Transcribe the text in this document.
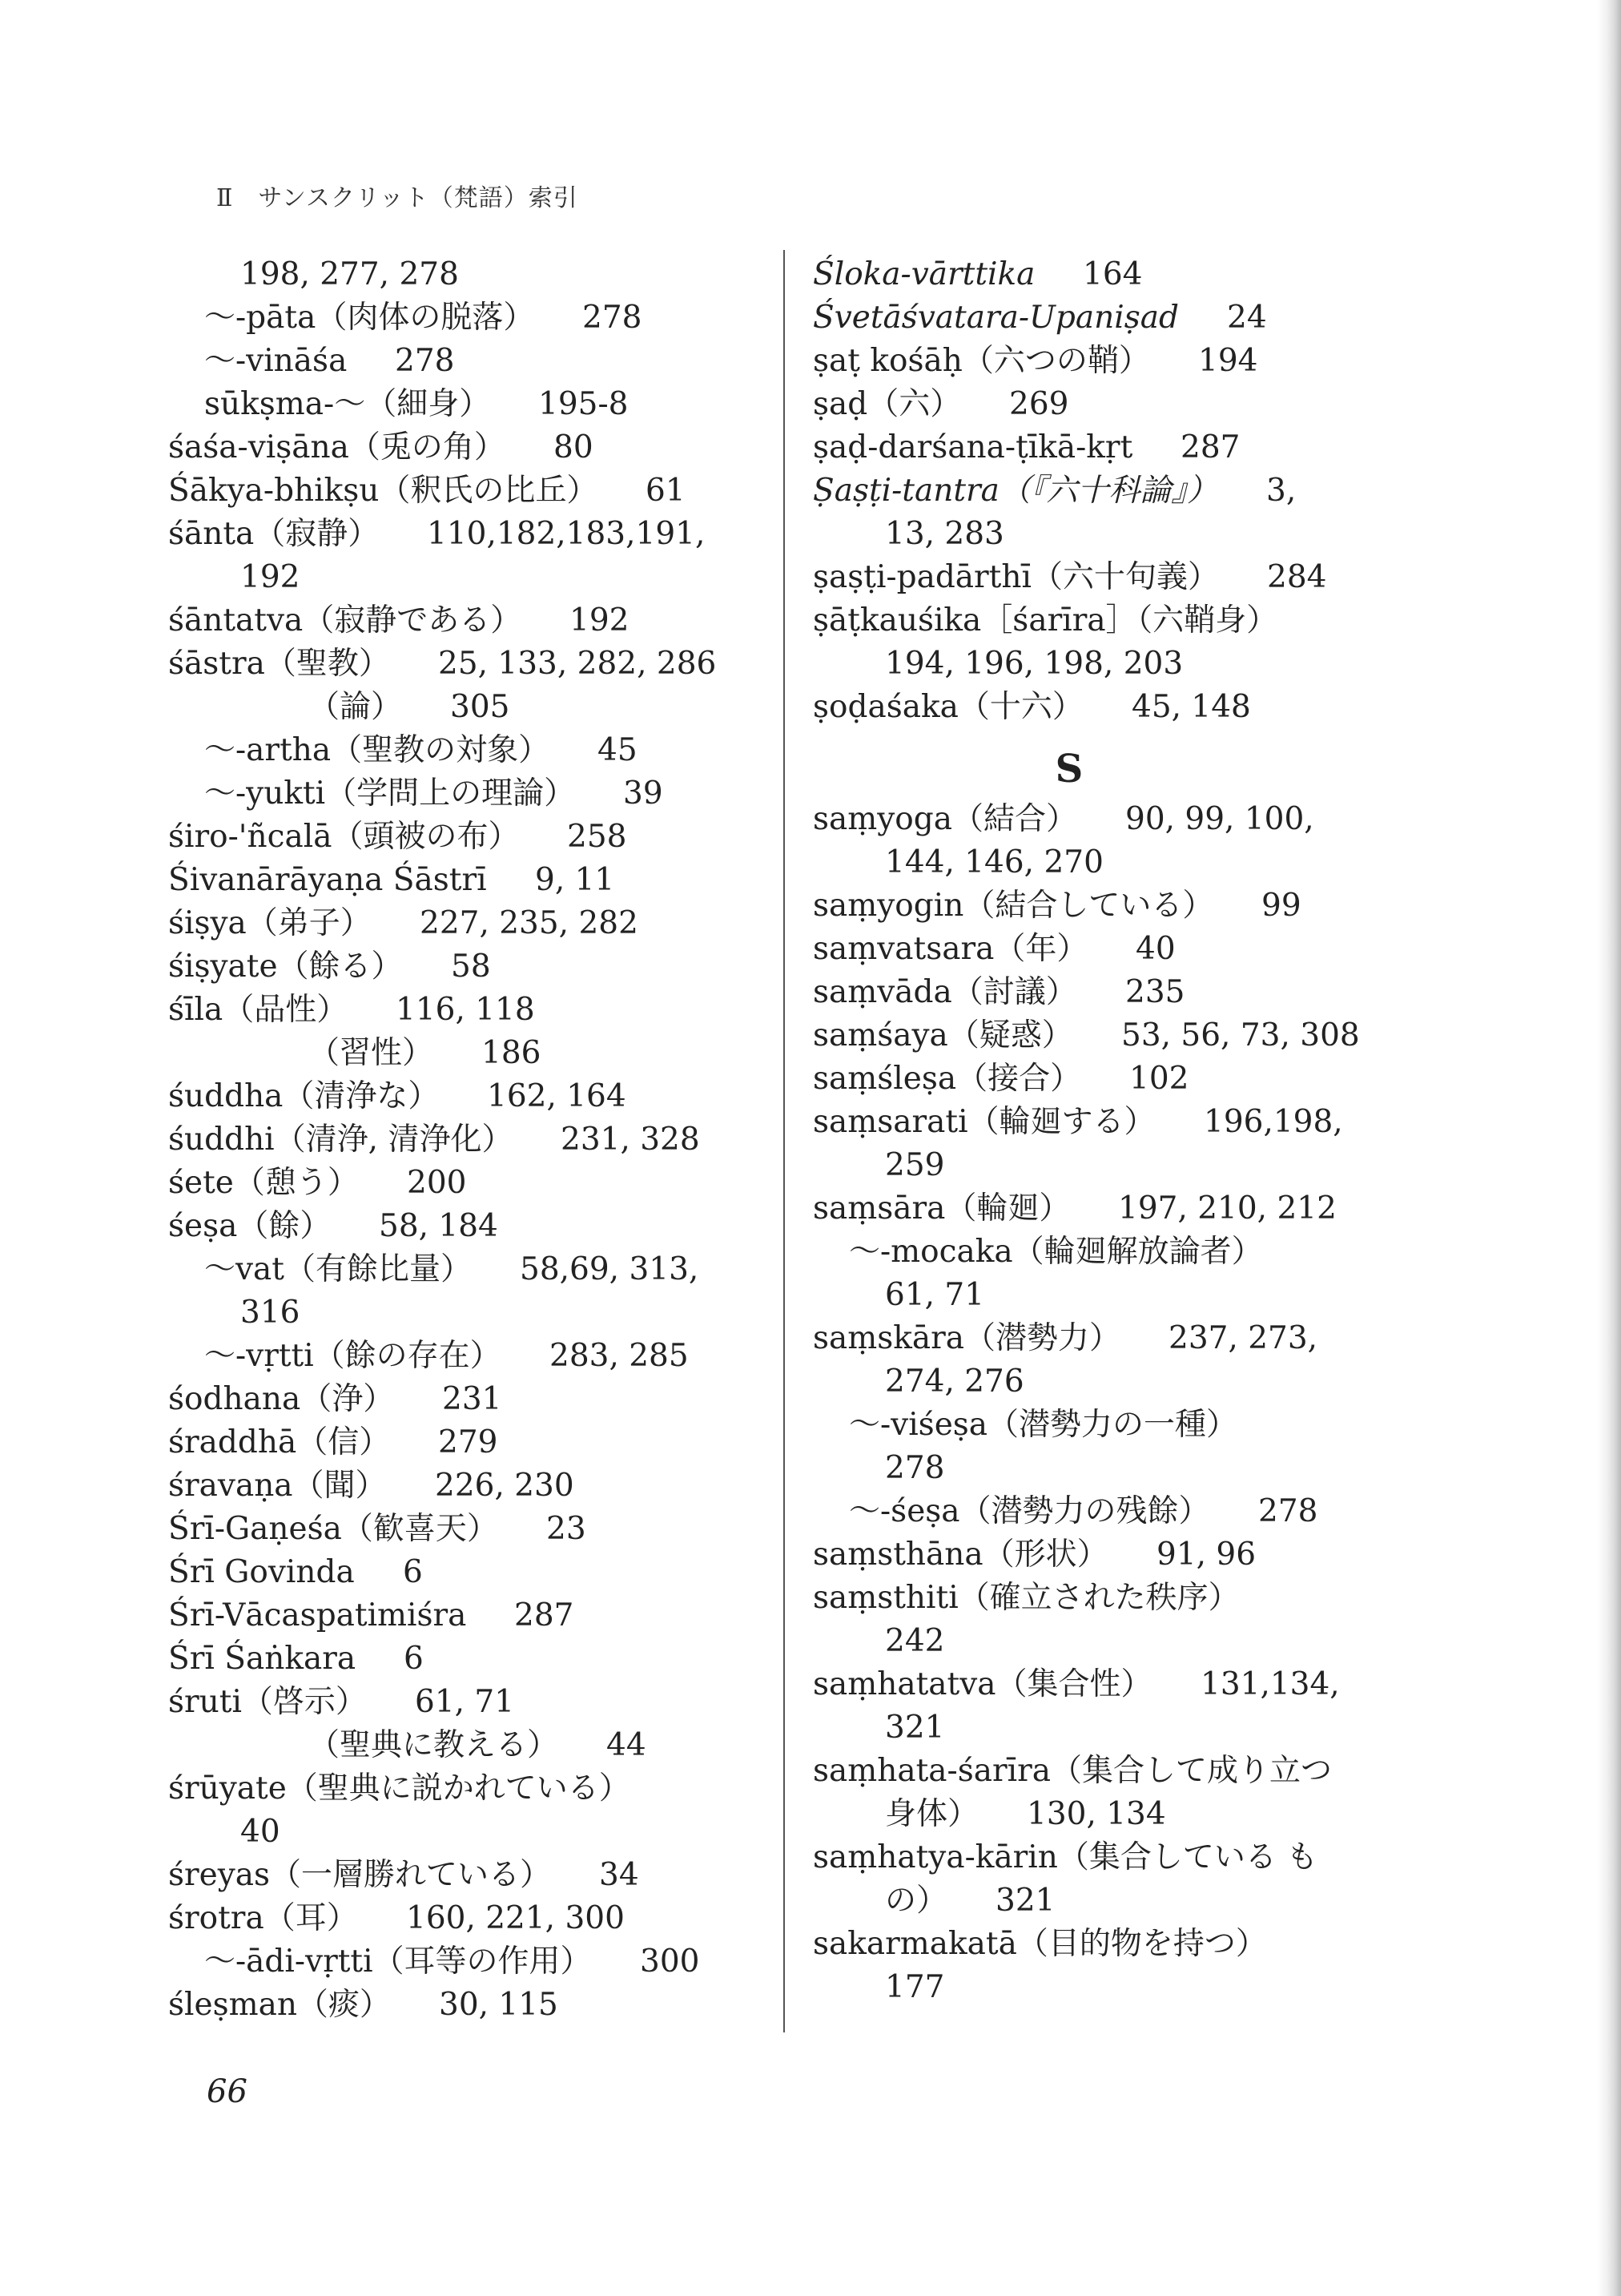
Ⅱ　サンスクリット（梵語）索引
198, 277, 278
～-pāta（肉体の脱落） 278
～-vināśa 278
sūkṣma-～（細身） 195-8
śaśa-viṣāna（兎の角） 80
Śākya-bhikṣu（釈氏の比丘） 61
śānta（寂静） 110,182,183,191,
192
śāntatva（寂静である） 192
śāstra（聖教） 25, 133, 282, 286
（論） 305
～-artha（聖教の対象） 45
～-yukti（学問上の理論） 39
śiro-'ñcalā（頭被の布） 258
Śivanārāyaṇa Śāstrī 9, 11
śiṣya（弟子） 227, 235, 282
śiṣyate（餘る） 58
śīla（品性） 116, 118
（習性） 186
śuddha（清浄な） 162, 164
śuddhi（清浄, 清浄化） 231, 328
śete（憩う） 200
śeṣa（餘） 58, 184
～vat（有餘比量） 58,69, 313,
316
～-vṛtti（餘の存在） 283, 285
śodhana（浄） 231
śraddhā（信） 279
śravaṇa（聞） 226, 230
Śrī-Gaṇeśa（歓喜天） 23
Śrī Govinda 6
Śrī-Vācaspatimiśra 287
Śrī Śaṅkara 6
śruti（啓示） 61, 71
（聖典に教える） 44
śrūyate（聖典に説かれている）
40
śreyas（一層勝れている） 34
śrotra（耳） 160, 221, 300
～-ādi-vṛtti（耳等の作用） 300
śleṣman（痰） 30, 115
Śloka-vārttika 164
Śvetāśvatara-Upaniṣad 24
ṣaṭ kośāḥ（六つの鞘） 194
ṣaḍ（六） 269
ṣaḍ-darśana-ṭīkā-kṛt 287
Ṣaṣṭi-tantra（『六十科論』） 3,
13, 283
ṣaṣṭi-padārthī（六十句義） 284
ṣāṭkauśika［śarīra］（六鞘身）
194, 196, 198, 203
ṣoḍaśaka（十六） 45, 148
S
saṃyoga（結合） 90, 99, 100,
144, 146, 270
saṃyogin（結合している） 99
saṃvatsara（年） 40
saṃvāda（討議） 235
saṃśaya（疑惑） 53, 56, 73, 308
saṃśleṣa（接合） 102
saṃsarati（輪廻する） 196,198,
259
saṃsāra（輪廻） 197, 210, 212
～-mocaka（輪廻解放論者）
61, 71
saṃskāra（潜勢力） 237, 273,
274, 276
～-viśeṣa（潜勢力の一種）
278
～-śeṣa（潜勢力の残餘） 278
saṃsthāna（形状） 91, 96
saṃsthiti（確立された秩序）
242
saṃhatatva（集合性） 131,134,
321
saṃhata-śarīra（集合して成り立つ
身体） 130, 134
saṃhatya-kārin（集合している も
の） 321
sakarmakatā（目的物を持つ）
177
66
